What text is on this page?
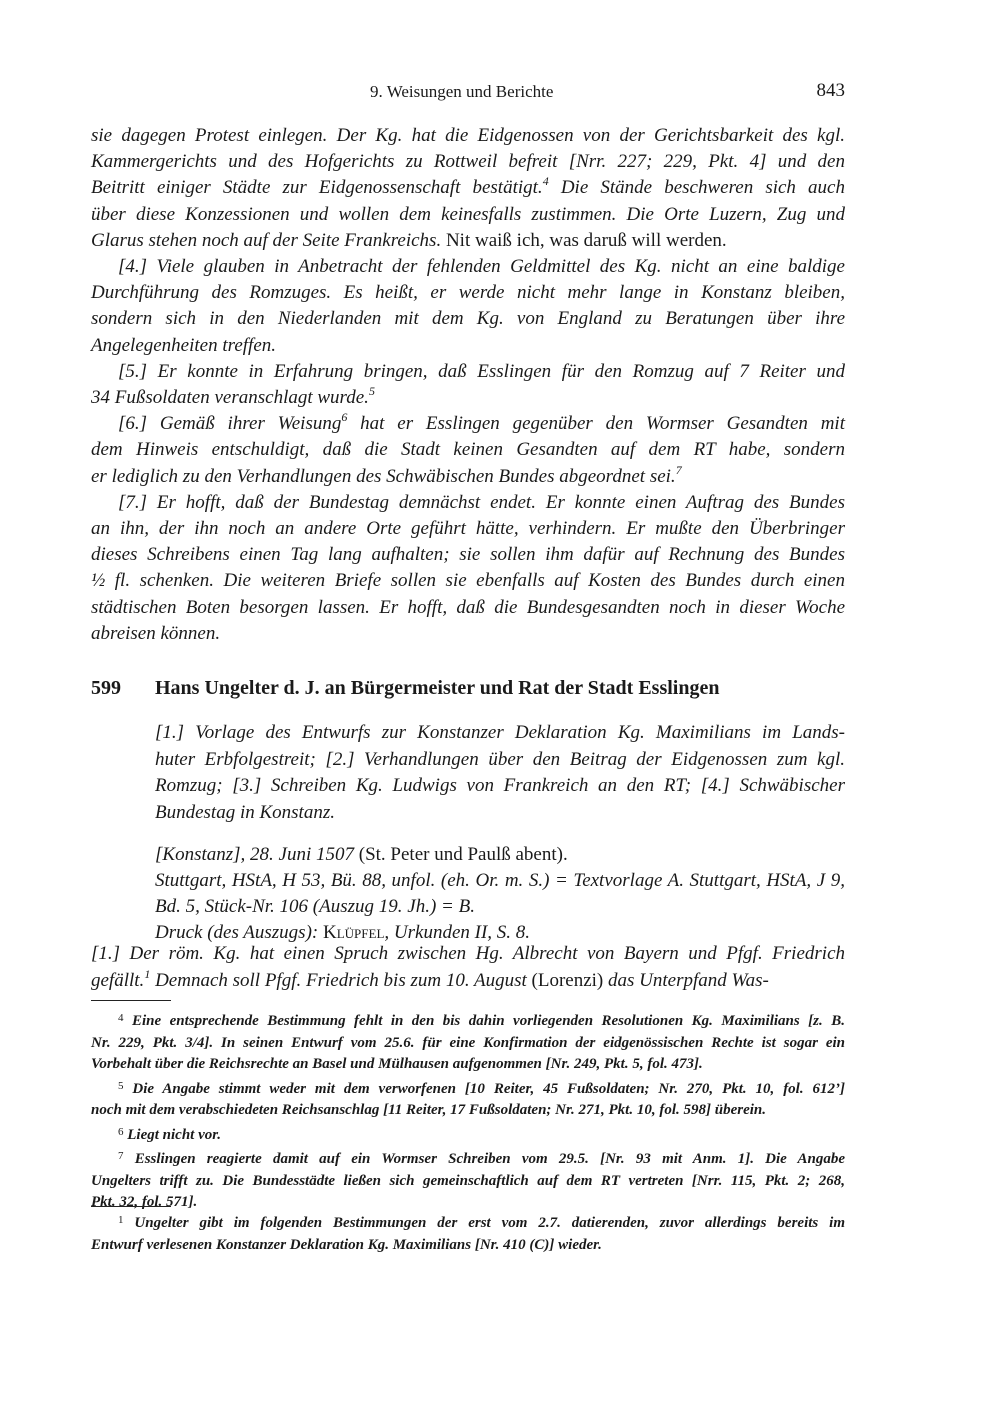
9. Weisungen und Berichte	843
sie dagegen Protest einlegen. Der Kg. hat die Eidgenossen von der Gerichtsbarkeit des kgl.
Kammergerichts und des Hofgerichts zu Rottweil befreit [Nrr. 227; 229, Pkt. 4] und den
Beitritt einiger Städte zur Eidgenossenschaft bestätigt.$^4$ Die Stände beschweren sich auch
über diese Konzessionen und wollen dem keinesfalls zustimmen. Die Orte Luzern, Zug und
Glarus stehen noch auf der Seite Frankreichs. Nit waiß ich, was daruß will werden.
[4.] Viele glauben in Anbetracht der fehlenden Geldmittel des Kg. nicht an eine baldige
Durchführung des Romzuges. Es heißt, er werde nicht mehr lange in Konstanz bleiben,
sondern sich in den Niederlanden mit dem Kg. von England zu Beratungen über ihre
Angelegenheiten treffen.
[5.] Er konnte in Erfahrung bringen, daß Esslingen für den Romzug auf 7 Reiter und
34 Fußsoldaten veranschlagt wurde.$^5$
[6.] Gemäß ihrer Weisung$^6$ hat er Esslingen gegenüber den Wormser Gesandten mit
dem Hinweis entschuldigt, daß die Stadt keinen Gesandten auf dem RT habe, sondern
er lediglich zu den Verhandlungen des Schwäbischen Bundes abgeordnet sei.$^7$
[7.] Er hofft, daß der Bundestag demnächst endet. Er konnte einen Auftrag des Bundes
an ihn, der ihn noch an andere Orte geführt hätte, verhindern. Er mußte den Überbringer
dieses Schreibens einen Tag lang aufhalten; sie sollen ihm dafür auf Rechnung des Bundes
½ fl. schenken. Die weiteren Briefe sollen sie ebenfalls auf Kosten des Bundes durch einen
städtischen Boten besorgen lassen. Er hofft, daß die Bundesgesandten noch in dieser Woche
abreisen können.
599 Hans Ungelter d. J. an Bürgermeister und Rat der Stadt Esslingen
[1.] Vorlage des Entwurfs zur Konstanzer Deklaration Kg. Maximilians im Lands-
huter Erbfolgestreit; [2.] Verhandlungen über den Beitrag der Eidgenossen zum kgl.
Romzug; [3.] Schreiben Kg. Ludwigs von Frankreich an den RT; [4.] Schwäbischer
Bundestag in Konstanz.
[Konstanz], 28. Juni 1507 (St. Peter und Paulß abent).
Stuttgart, HStA, H 53, Bü. 88, unfol. (eh. Or. m. S.) = Textvorlage A. Stuttgart, HStA, J 9,
Bd. 5, Stück-Nr. 106 (Auszug 19. Jh.) = B.
Druck (des Auszugs): Klüpfel, Urkunden II, S. 8.
[1.] Der röm. Kg. hat einen Spruch zwischen Hg. Albrecht von Bayern und Pfgf. Friedrich
gefällt.$^1$ Demnach soll Pfgf. Friedrich bis zum 10. August (Lorenzi) das Unterpfand Was-
$^4$ Eine entsprechende Bestimmung fehlt in den bis dahin vorliegenden Resolutionen Kg. Maximilians [z. B.
Nr. 229, Pkt. 3/4]. In seinen Entwurf vom 25.6. für eine Konfirmation der eidgenössischen Rechte ist sogar ein
Vorbehalt über die Reichsrechte an Basel und Mülhausen aufgenommen [Nr. 249, Pkt. 5, fol. 473].
$^5$ Die Angabe stimmt weder mit dem verworfenen [10 Reiter, 45 Fußsoldaten; Nr. 270, Pkt. 10, fol. 612’]
noch mit dem verabschiedeten Reichsanschlag [11 Reiter, 17 Fußsoldaten; Nr. 271, Pkt. 10, fol. 598] überein.
$^6$ Liegt nicht vor.
$^7$ Esslingen reagierte damit auf ein Wormser Schreiben vom 29.5. [Nr. 93 mit Anm. 1]. Die Angabe
Ungelters trifft zu. Die Bundesstädte ließen sich gemeinschaftlich auf dem RT vertreten [Nrr. 115, Pkt. 2; 268,
Pkt. 32, fol. 571].
$^1$ Ungelter gibt im folgenden Bestimmungen der erst vom 2.7. datierenden, zuvor allerdings bereits im
Entwurf verlesenen Konstanzer Deklaration Kg. Maximilians [Nr. 410 (C)] wieder.
